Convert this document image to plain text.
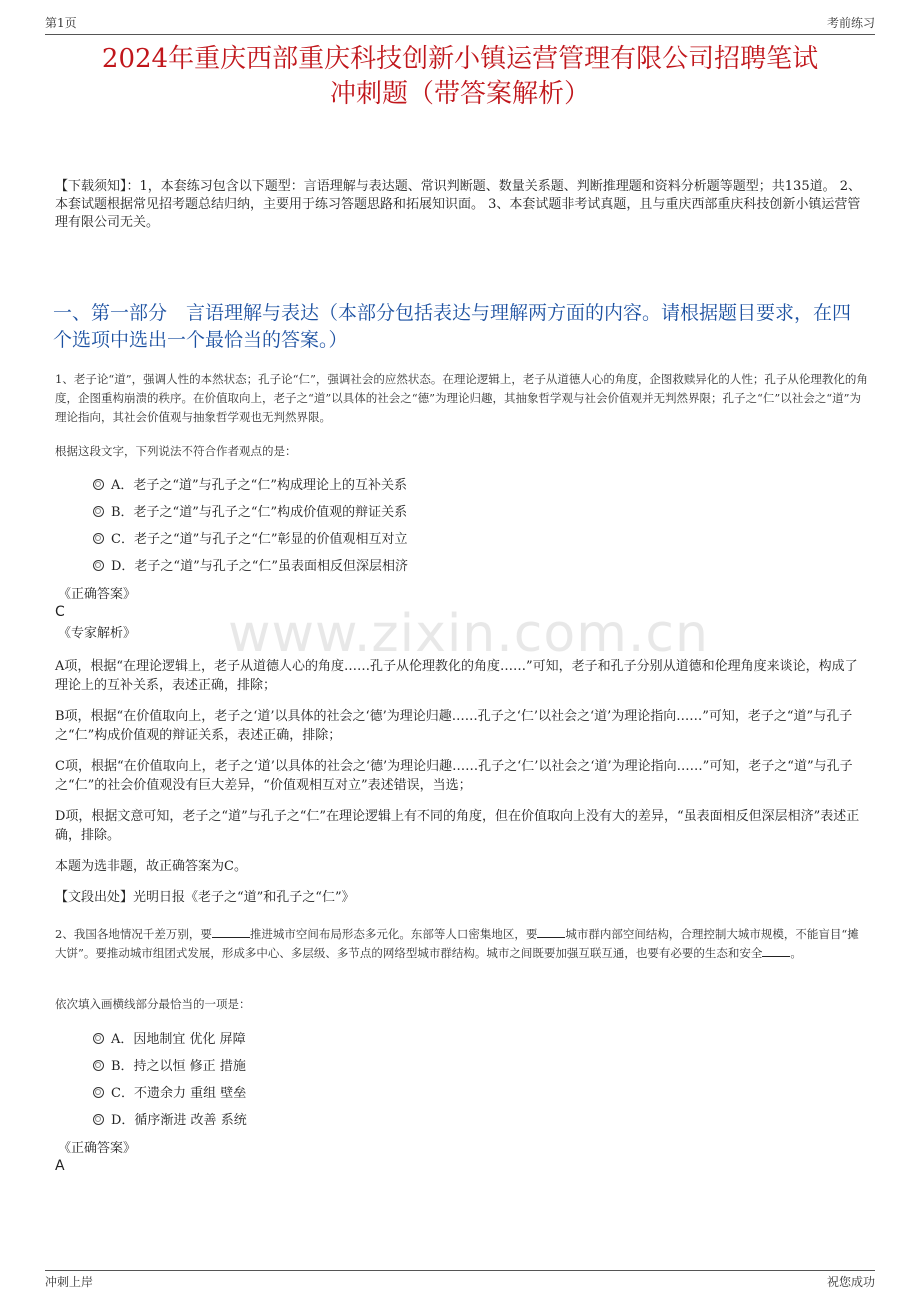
第1页	考前练习
2024年重庆西部重庆科技创新小镇运营管理有限公司招聘笔试
冲刺题（带答案解析）
【下载须知】：1，本套练习包含以下题型：言语理解与表达题、常识判断题、数量关系题、判断推理题和资料分析题等题型；共135道。 2、本套试题根据常见招考题总结归纳，主要用于练习答题思路和拓展知识面。 3、本套试题非考试真题，且与重庆西部重庆科技创新小镇运营管理有限公司无关。
一、第一部分　言语理解与表达（本部分包括表达与理解两方面的内容。请根据题目要求，在四个选项中选出一个最恰当的答案。）
1、老子论“道”，强调人性的本然状态；孔子论“仁”，强调社会的应然状态。在理论逻辑上，老子从道德人心的角度，企图救赎异化的人性；孔子从伦理教化的角度，企图重构崩溃的秩序。在价值取向上，老子之“道”以具体的社会之“德”为理论归趣，其抽象哲学观与社会价值观并无判然界限；孔子之“仁”以社会之“道”为理论指向，其社会价值观与抽象哲学观也无判然界限。
根据这段文字，下列说法不符合作者观点的是：
A．老子之“道”与孔子之“仁”构成理论上的互补关系
B．老子之“道”与孔子之“仁”构成价值观的辩证关系
C．老子之“道”与孔子之“仁”彰显的价值观相互对立
D．老子之“道”与孔子之“仁”虽表面相反但深层相济
《正确答案》
C
《专家解析》 www.zixin.com.cn
A项，根据“在理论逻辑上，老子从道德人心的角度……孔子从伦理教化的角度……”可知，老子和孔子分别从道德和伦理角度来谈论，构成了理论上的互补关系，表述正确，排除；
B项，根据“在价值取向上，老子之‘道’以具体的社会之‘德’为理论归趣……孔子之‘仁’以社会之‘道’为理论指向……”可知，老子之“道”与孔子之“仁”构成价值观的辩证关系，表述正确，排除；
C项，根据“在价值取向上，老子之‘道’以具体的社会之‘德’为理论归趣……孔子之‘仁’以社会之‘道’为理论指向……”可知，老子之“道”与孔子之“仁”的社会价值观没有巨大差异，“价值观相互对立”表述错误，当选；
D项，根据文意可知，老子之“道”与孔子之“仁”在理论逻辑上有不同的角度，但在价值取向上没有大的差异，“虽表面相反但深层相济”表述正确，排除。
本题为选非题，故正确答案为C。
【文段出处】光明日报《老子之“道”和孔子之“仁”》
2、我国各地情况千差万别，要	推进城市空间布局形态多元化。东部等人口密集地区，要 城市群内部空间结构，合理控制大城市规模，不能盲目“摊大饼”。要推动城市组团式发展，形成多中心、多层级、多节点的网络型城市群结构。城市之间既要加强互联互通，也要有必要的生态和安全 。
依次填入画横线部分最恰当的一项是：
A．因地制宜 优化 屏障
B．持之以恒 修正 措施
C．不遗余力 重组 壁垒
D．循序渐进 改善 系统
《正确答案》
A
冲刺上岸	祝您成功
